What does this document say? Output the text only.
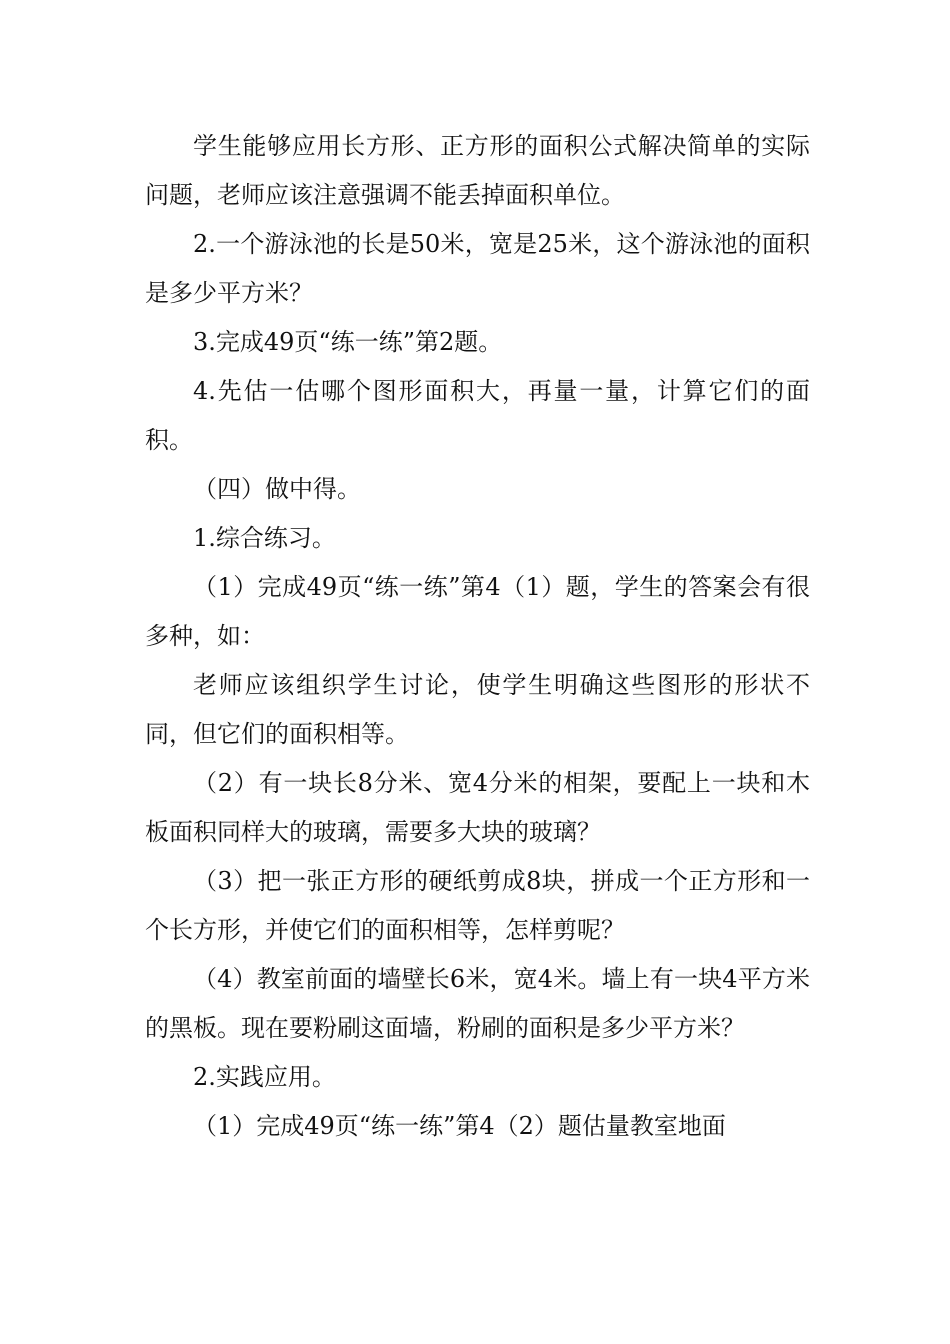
学生能够应用长方形、正方形的面积公式解决简单的实际问题，老师应该注意强调不能丢掉面积单位。

2.一个游泳池的长是50米，宽是25米，这个游泳池的面积是多少平方米？

3.完成49页“练一练”第2题。

4.先估一估哪个图形面积大，再量一量，计算它们的面积。

（四）做中得。

1.综合练习。

（1）完成49页“练一练”第4（1）题，学生的答案会有很多种，如：

老师应该组织学生讨论，使学生明确这些图形的形状不同，但它们的面积相等。

（2）有一块长8分米、宽4分米的相架，要配上一块和木板面积同样大的玻璃，需要多大块的玻璃？

（3）把一张正方形的硬纸剪成8块，拼成一个正方形和一个长方形，并使它们的面积相等，怎样剪呢？

（4）教室前面的墙壁长6米，宽4米。墙上有一块4平方米的黑板。现在要粉刷这面墙，粉刷的面积是多少平方米？

2.实践应用。

（1）完成49页“练一练”第4（2）题估量教室地面
